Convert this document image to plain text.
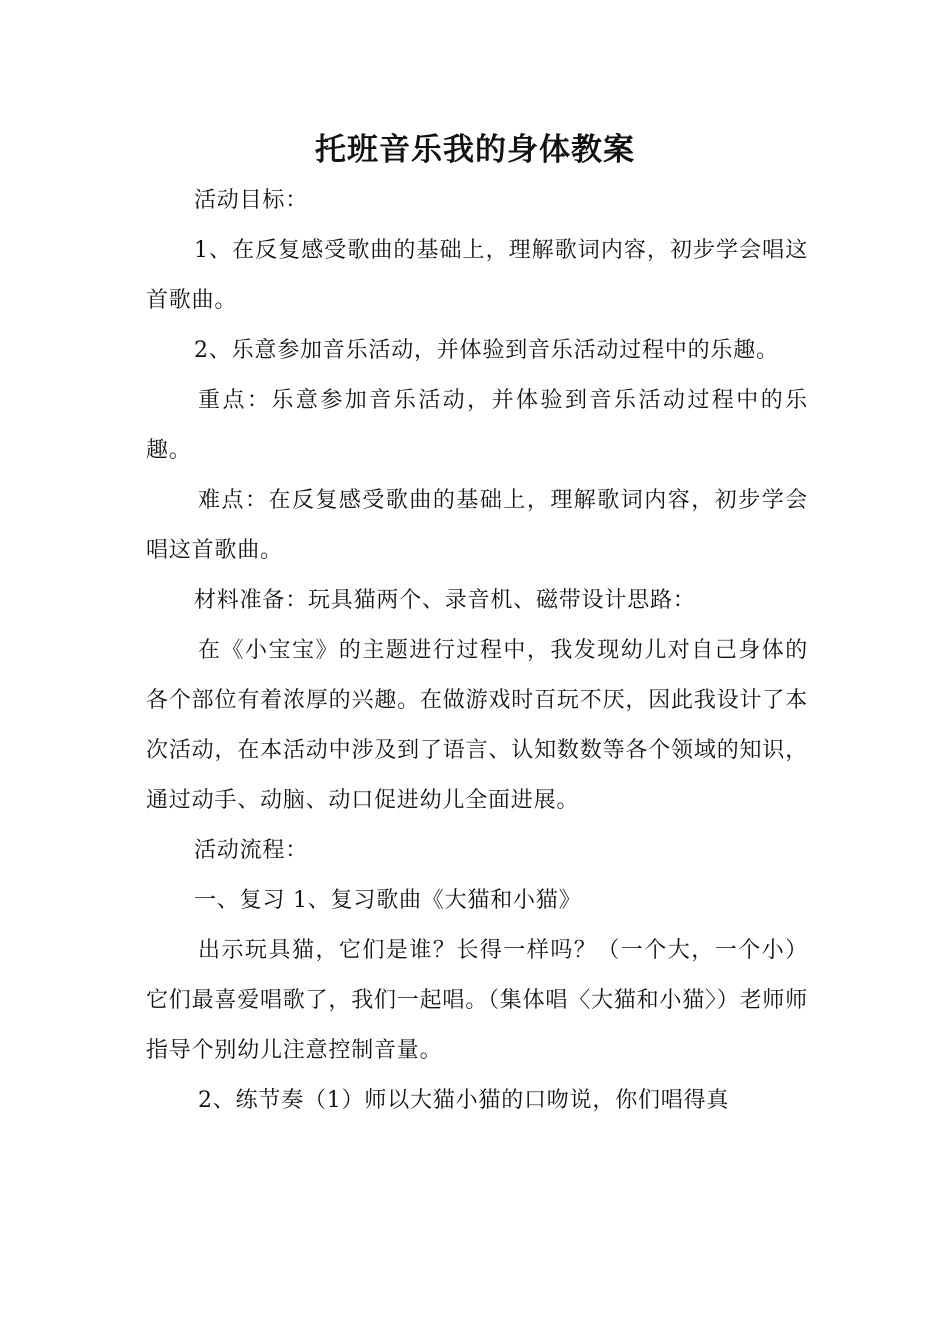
托班音乐我的身体教案

活动目标：

1、在反复感受歌曲的基础上，理解歌词内容，初步学会唱这首歌曲。

2、乐意参加音乐活动，并体验到音乐活动过程中的乐趣。

重点：乐意参加音乐活动，并体验到音乐活动过程中的乐趣。

难点：在反复感受歌曲的基础上，理解歌词内容，初步学会唱这首歌曲。

材料准备：玩具猫两个、录音机、磁带设计思路：

在《小宝宝》的主题进行过程中，我发现幼儿对自己身体的各个部位有着浓厚的兴趣。在做游戏时百玩不厌，因此我设计了本次活动，在本活动中涉及到了语言、认知数数等各个领域的知识，通过动手、动脑、动口促进幼儿全面进展。

活动流程：

一、复习 1、复习歌曲《大猫和小猫》

出示玩具猫，它们是谁？长得一样吗？（一个大，一个小）它们最喜爱唱歌了，我们一起唱。（集体唱〈大猫和小猫〉）老师师指导个别幼儿注意控制音量。

2、练节奏（1）师以大猫小猫的口吻说，你们唱得真
